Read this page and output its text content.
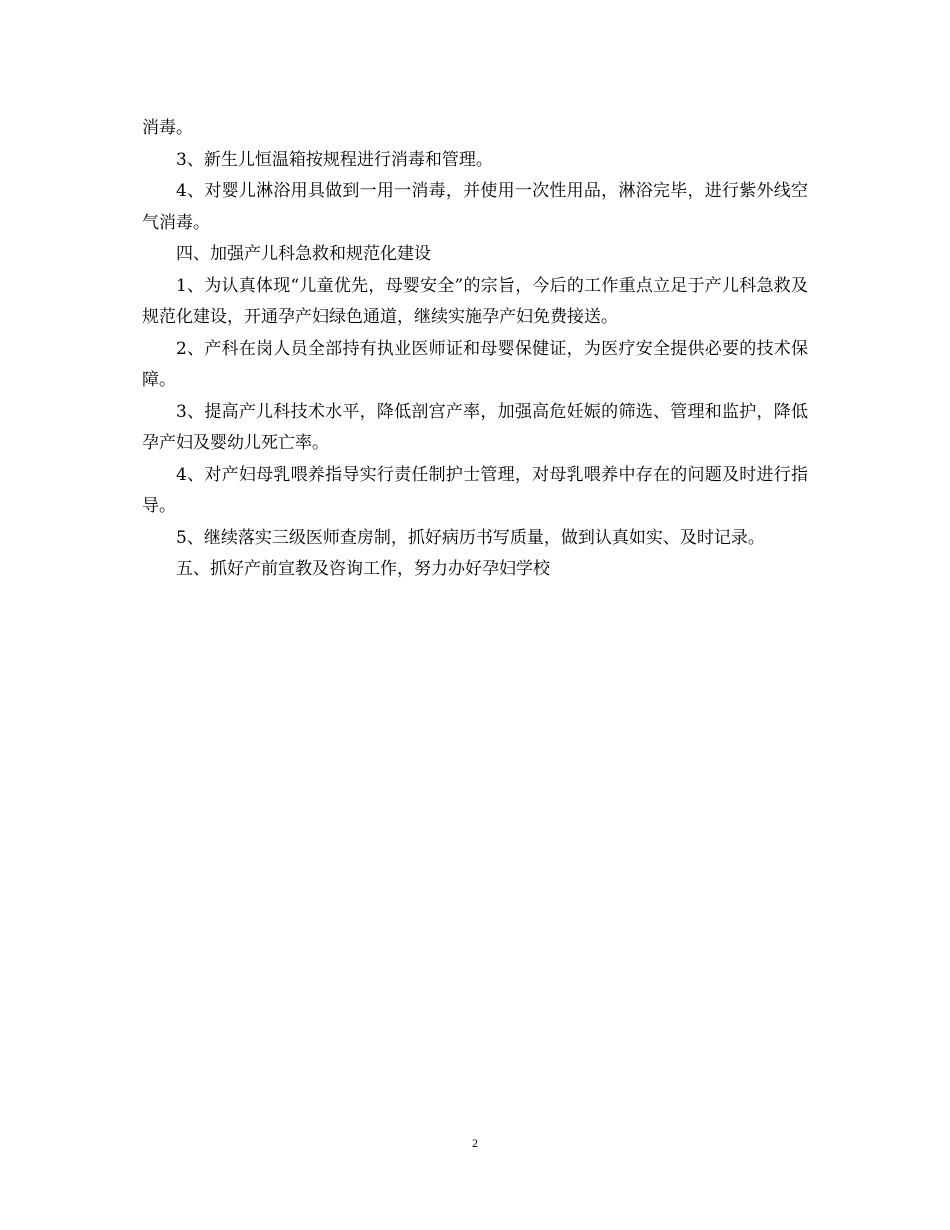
消毒。

3、新生儿恒温箱按规程进行消毒和管理。

4、对婴儿淋浴用具做到一用一消毒，并使用一次性用品，淋浴完毕，进行紫外线空气消毒。

四、加强产儿科急救和规范化建设

1、为认真体现“儿童优先，母婴安全”的宗旨，今后的工作重点立足于产儿科急救及规范化建设，开通孕产妇绿色通道，继续实施孕产妇免费接送。

2、产科在岗人员全部持有执业医师证和母婴保健证，为医疗安全提供必要的技术保障。

3、提高产儿科技术水平，降低剖宫产率，加强高危妊娠的筛选、管理和监护，降低孕产妇及婴幼儿死亡率。

4、对产妇母乳喂养指导实行责任制护士管理，对母乳喂养中存在的问题及时进行指导。

5、继续落实三级医师查房制，抓好病历书写质量，做到认真如实、及时记录。

五、抓好产前宣教及咨询工作，努力办好孕妇学校

2
